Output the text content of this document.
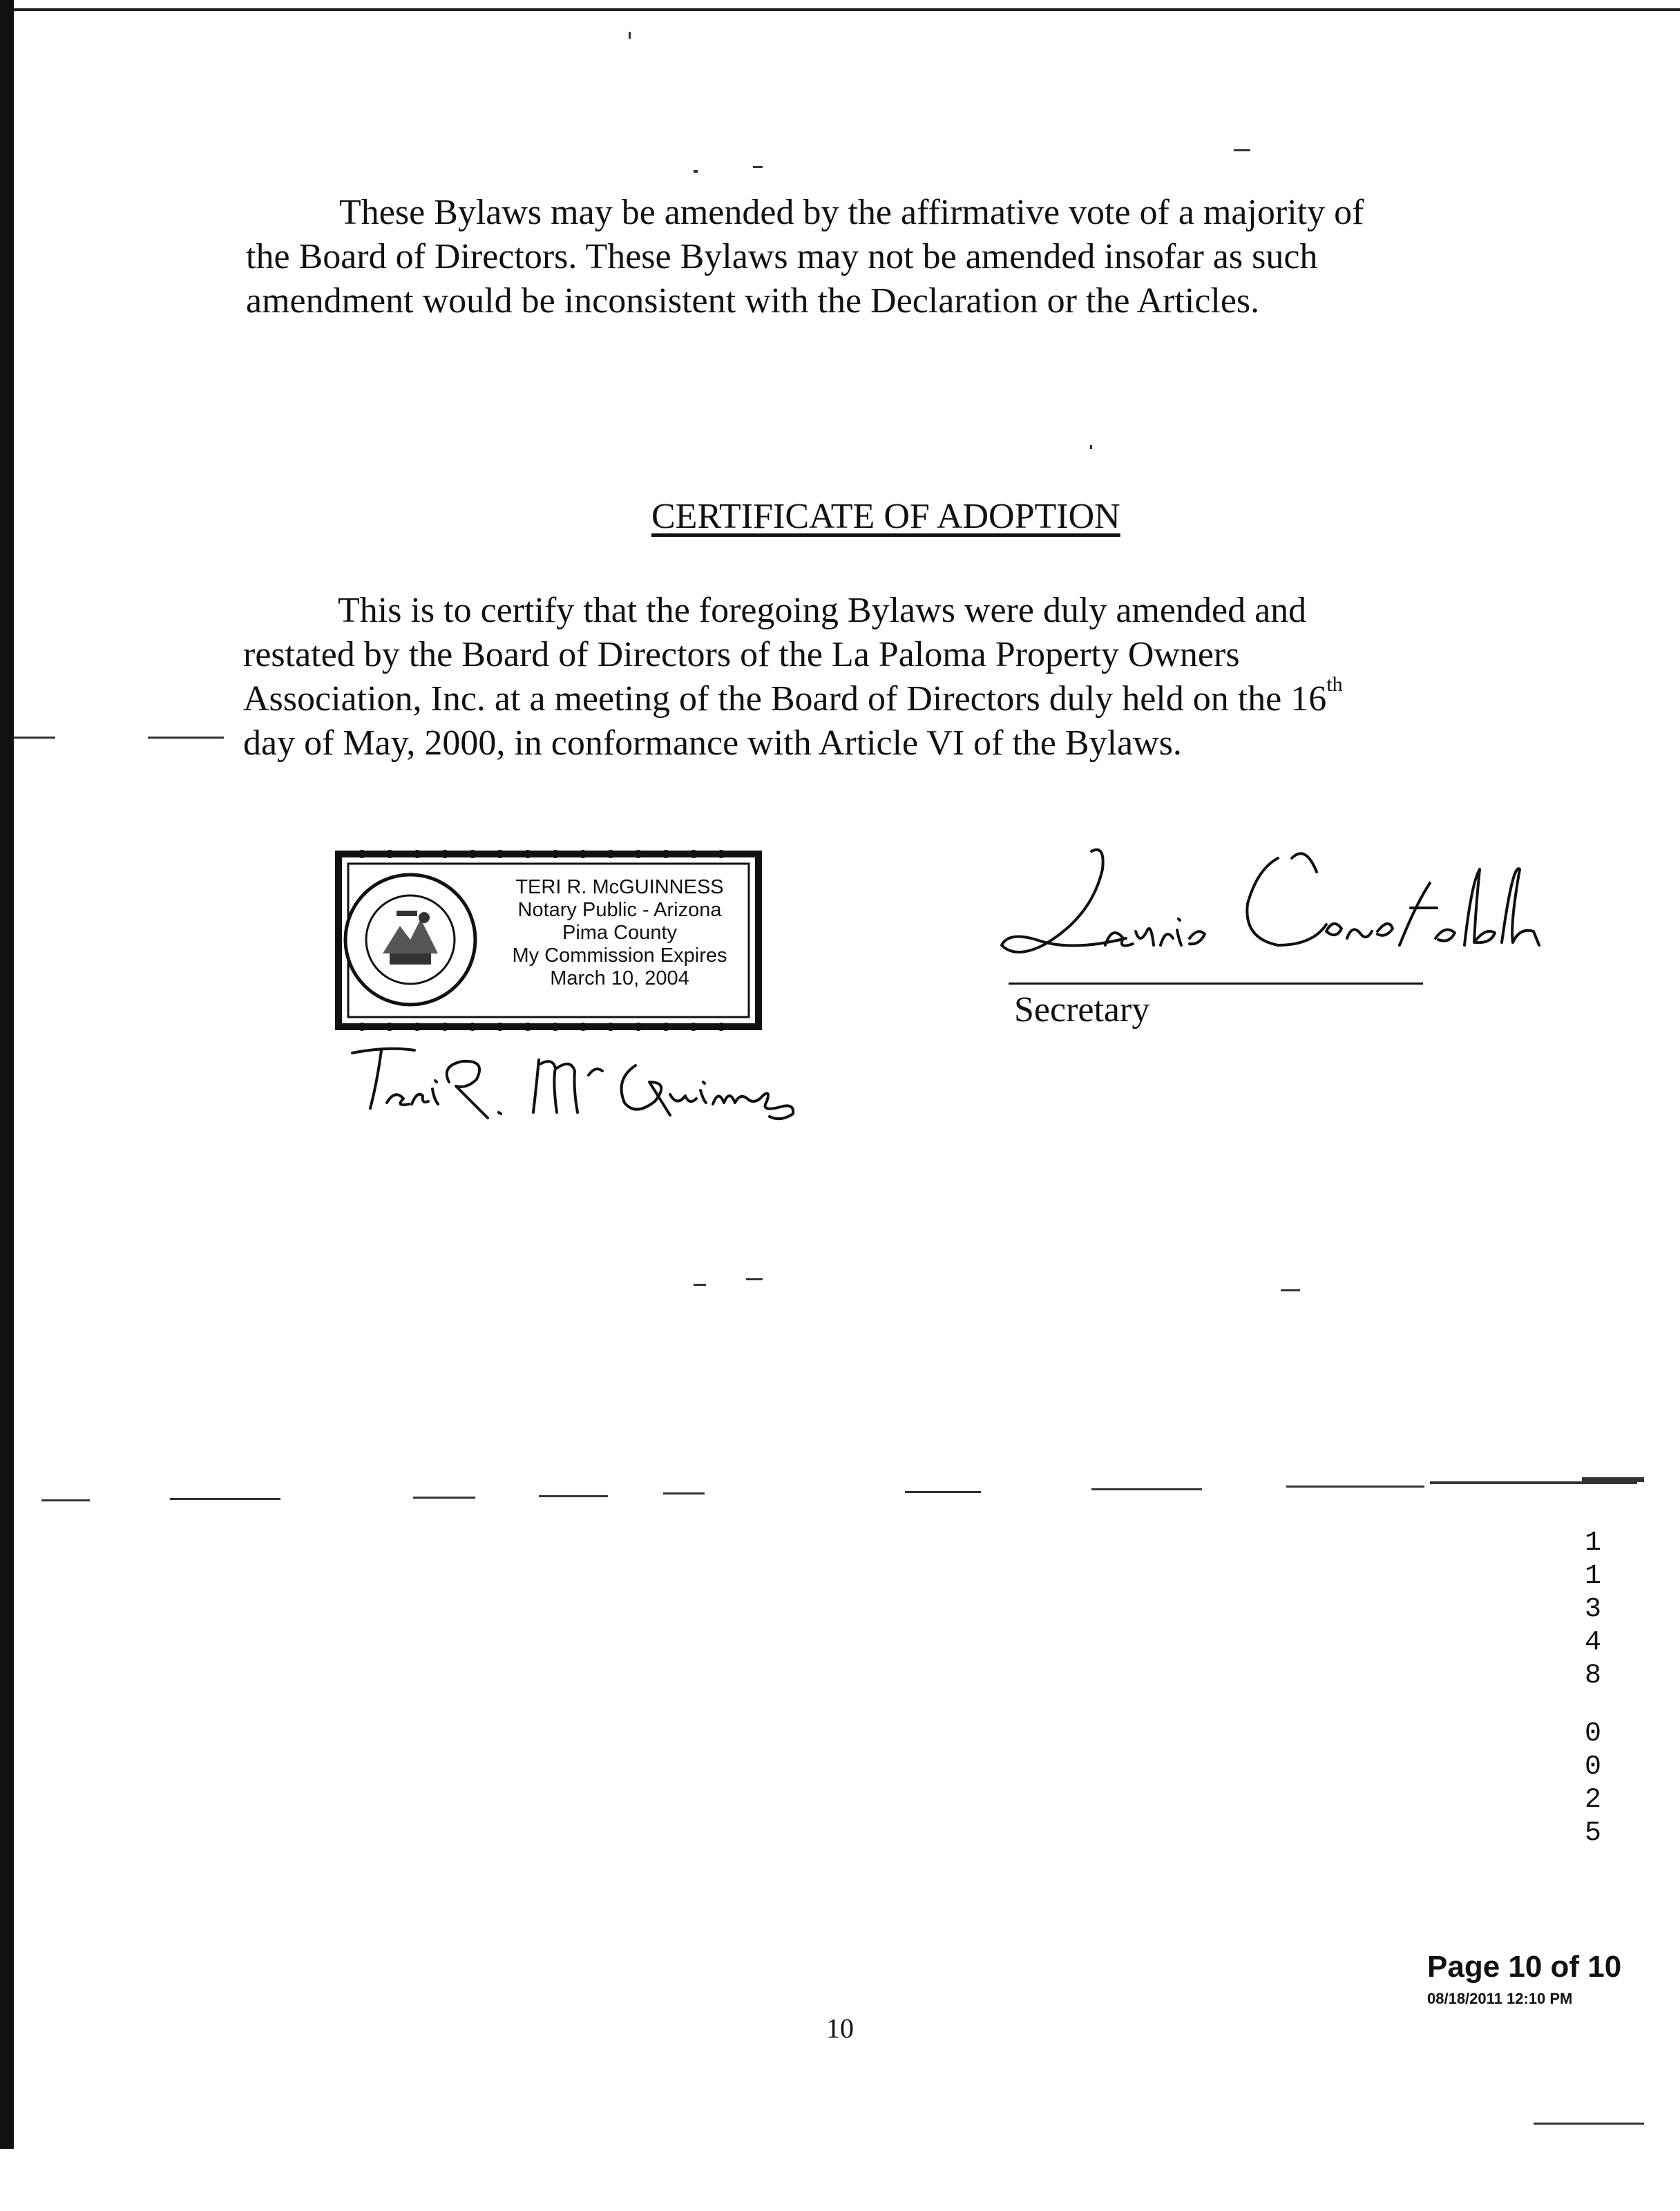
These Bylaws may be amended by the affirmative vote of a majority of
the Board of Directors. These Bylaws may not be amended insofar as such
amendment would be inconsistent with the Declaration or the Articles.
CERTIFICATE OF ADOPTION
This is to certify that the foregoing Bylaws were duly amended and
restated by the Board of Directors of the La Paloma Property Owners
Association, Inc. at a meeting of the Board of Directors duly held on the 16th
day of May, 2000, in conformance with Article VI of the Bylaws.
TERI R. McGUINNESS
Notary Public - Arizona
Pima County
My Commission Expires
March 10, 2004
Secretary
1
1
3
4
8
0
0
2
5
Page 10 of 10
08/18/2011 12:10 PM
10
